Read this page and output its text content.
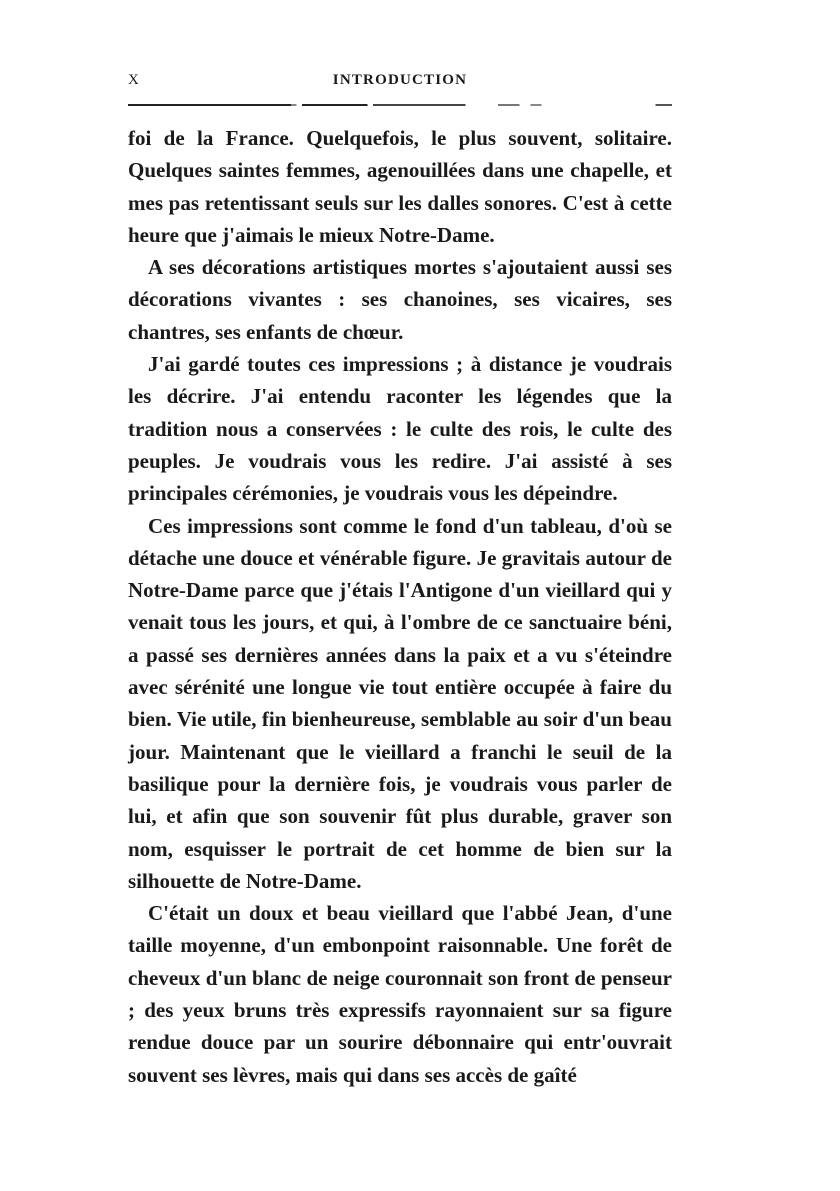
X	INTRODUCTION

foi de la France. Quelquefois, le plus souvent, solitaire. Quelques saintes femmes, agenouillées dans une chapelle, et mes pas retentissant seuls sur les dalles sonores. C'est à cette heure que j'aimais le mieux Notre-Dame.

A ses décorations artistiques mortes s'ajoutaient aussi ses décorations vivantes : ses chanoines, ses vicaires, ses chantres, ses enfants de chœur.

J'ai gardé toutes ces impressions ; à distance je voudrais les décrire. J'ai entendu raconter les légendes que la tradition nous a conservées : le culte des rois, le culte des peuples. Je voudrais vous les redire. J'ai assisté à ses principales cérémonies, je voudrais vous les dépeindre.

Ces impressions sont comme le fond d'un tableau, d'où se détache une douce et vénérable figure. Je gravitais autour de Notre-Dame parce que j'étais l'Antigone d'un vieillard qui y venait tous les jours, et qui, à l'ombre de ce sanctuaire béni, a passé ses dernières années dans la paix et a vu s'éteindre avec sérénité une longue vie tout entière occupée à faire du bien. Vie utile, fin bienheureuse, semblable au soir d'un beau jour. Maintenant que le vieillard a franchi le seuil de la basilique pour la dernière fois, je voudrais vous parler de lui, et afin que son souvenir fût plus durable, graver son nom, esquisser le portrait de cet homme de bien sur la silhouette de Notre-Dame.

C'était un doux et beau vieillard que l'abbé Jean, d'une taille moyenne, d'un embonpoint raisonnable. Une forêt de cheveux d'un blanc de neige couronnait son front de penseur ; des yeux bruns très expressifs rayonnaient sur sa figure rendue douce par un sourire débonnaire qui entr'ouvrait souvent ses lèvres, mais qui dans ses accès de gaîté
